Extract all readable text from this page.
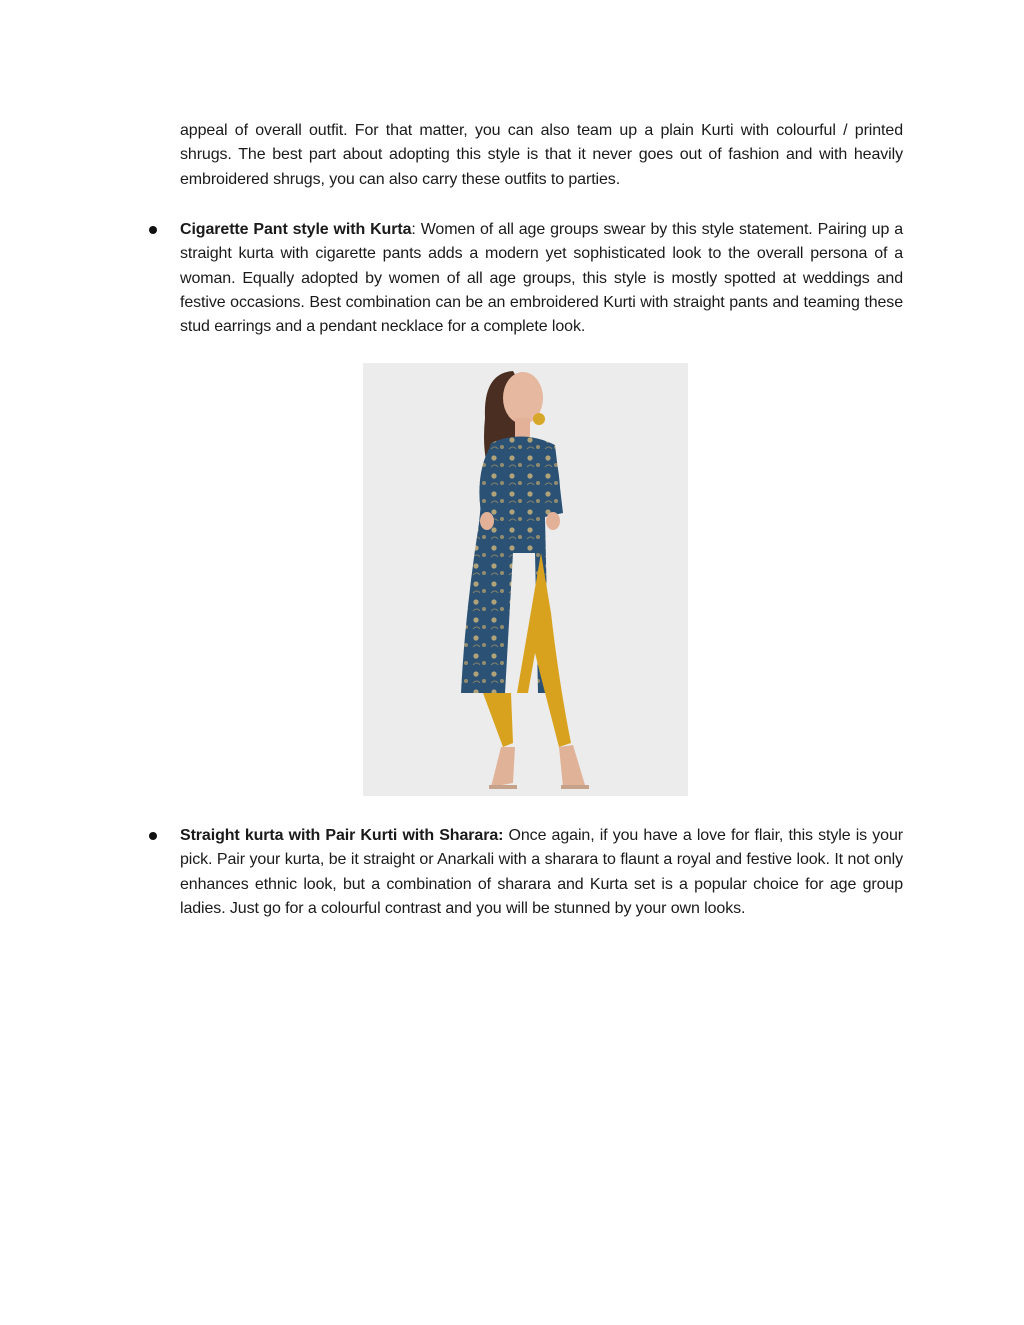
appeal of overall outfit. For that matter, you can also team up a plain Kurti with colourful / printed shrugs. The best part about adopting this style is that it never goes out of fashion and with heavily embroidered shrugs, you can also carry these outfits to parties.

Cigarette Pant style with Kurta: Women of all age groups swear by this style statement. Pairing up a straight kurta with cigarette pants adds a modern yet sophisticated look to the overall persona of a woman. Equally adopted by women of all age groups, this style is mostly spotted at weddings and festive occasions. Best combination can be an embroidered Kurti with straight pants and teaming these stud earrings and a pendant necklace for a complete look.

Straight kurta with Pair Kurti with Sharara: Once again, if you have a love for flair, this style is your pick. Pair your kurta, be it straight or Anarkali with a sharara to flaunt a royal and festive look. It not only enhances ethnic look, but a combination of sharara and Kurta set is a popular choice for age group ladies. Just go for a colourful contrast and you will be stunned by your own looks.
